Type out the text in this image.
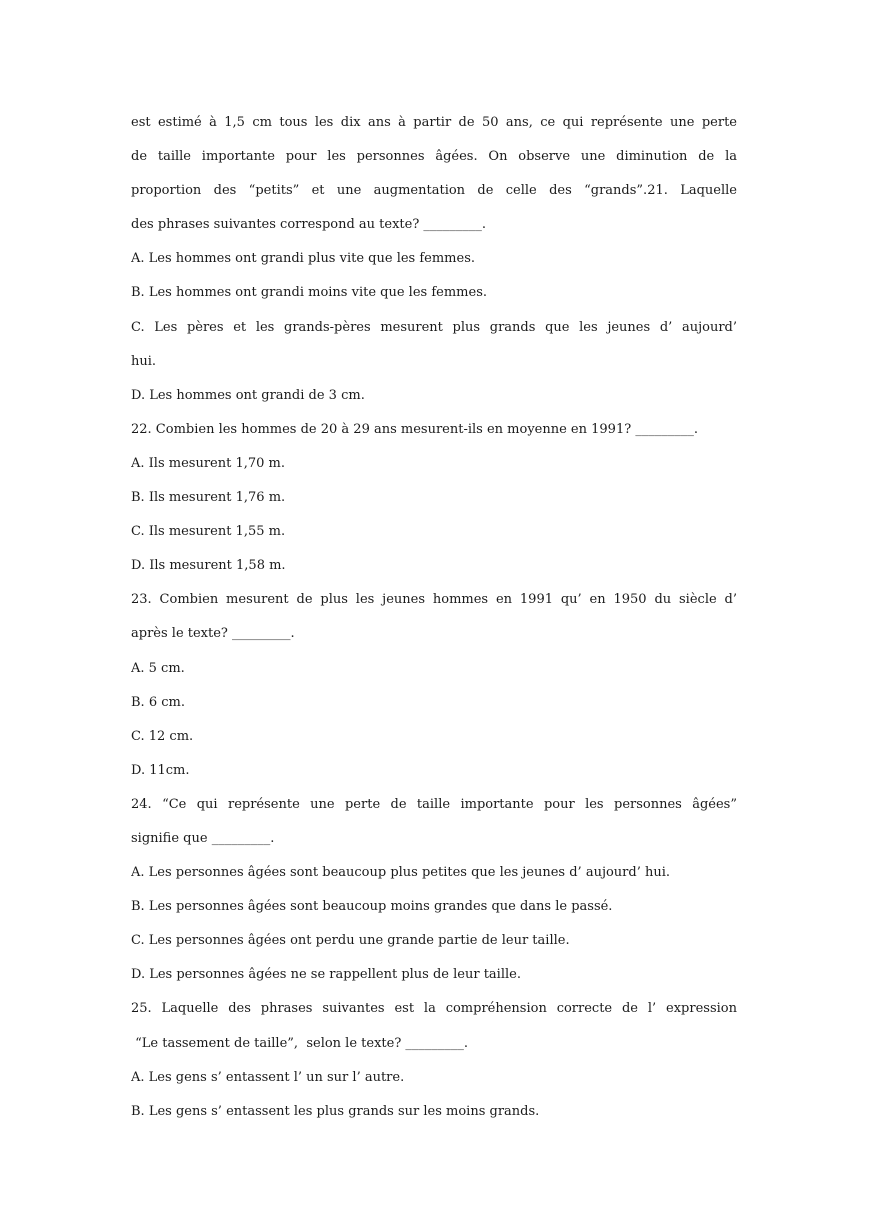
est estimé à 1,5 cm tous les dix ans à partir de 50 ans, ce qui représente une perte
de taille importante pour les personnes âgées. On observe une diminution de la
proportion des “petits” et une augmentation de celle des “grands”.21. Laquelle
des phrases suivantes correspond au texte? _________.
A. Les hommes ont grandi plus vite que les femmes.
B. Les hommes ont grandi moins vite que les femmes.
C. Les pères et les grands-pères mesurent plus grands que les jeunes d’ aujourd’
hui.
D. Les hommes ont grandi de 3 cm.
22. Combien les hommes de 20 à 29 ans mesurent-ils en moyenne en 1991? _________.
A. Ils mesurent 1,70 m.
B. Ils mesurent 1,76 m.
C. Ils mesurent 1,55 m.
D. Ils mesurent 1,58 m.
23. Combien mesurent de plus les jeunes hommes en 1991 qu’ en 1950 du siècle d’
après le texte? _________.
A. 5 cm.
B. 6 cm.
C. 12 cm.
D. 11cm.
24. “Ce qui représente une perte de taille importante pour les personnes âgées”
signifie que _________.
A. Les personnes âgées sont beaucoup plus petites que les jeunes d’ aujourd’ hui.
B. Les personnes âgées sont beaucoup moins grandes que dans le passé.
C. Les personnes âgées ont perdu une grande partie de leur taille.
D. Les personnes âgées ne se rappellent plus de leur taille.
25. Laquelle des phrases suivantes est la compréhension correcte de l’ expression
“Le tassement de taille”,  selon le texte? _________.
A. Les gens s’ entassent l’ un sur l’ autre.
B. Les gens s’ entassent les plus grands sur les moins grands.
